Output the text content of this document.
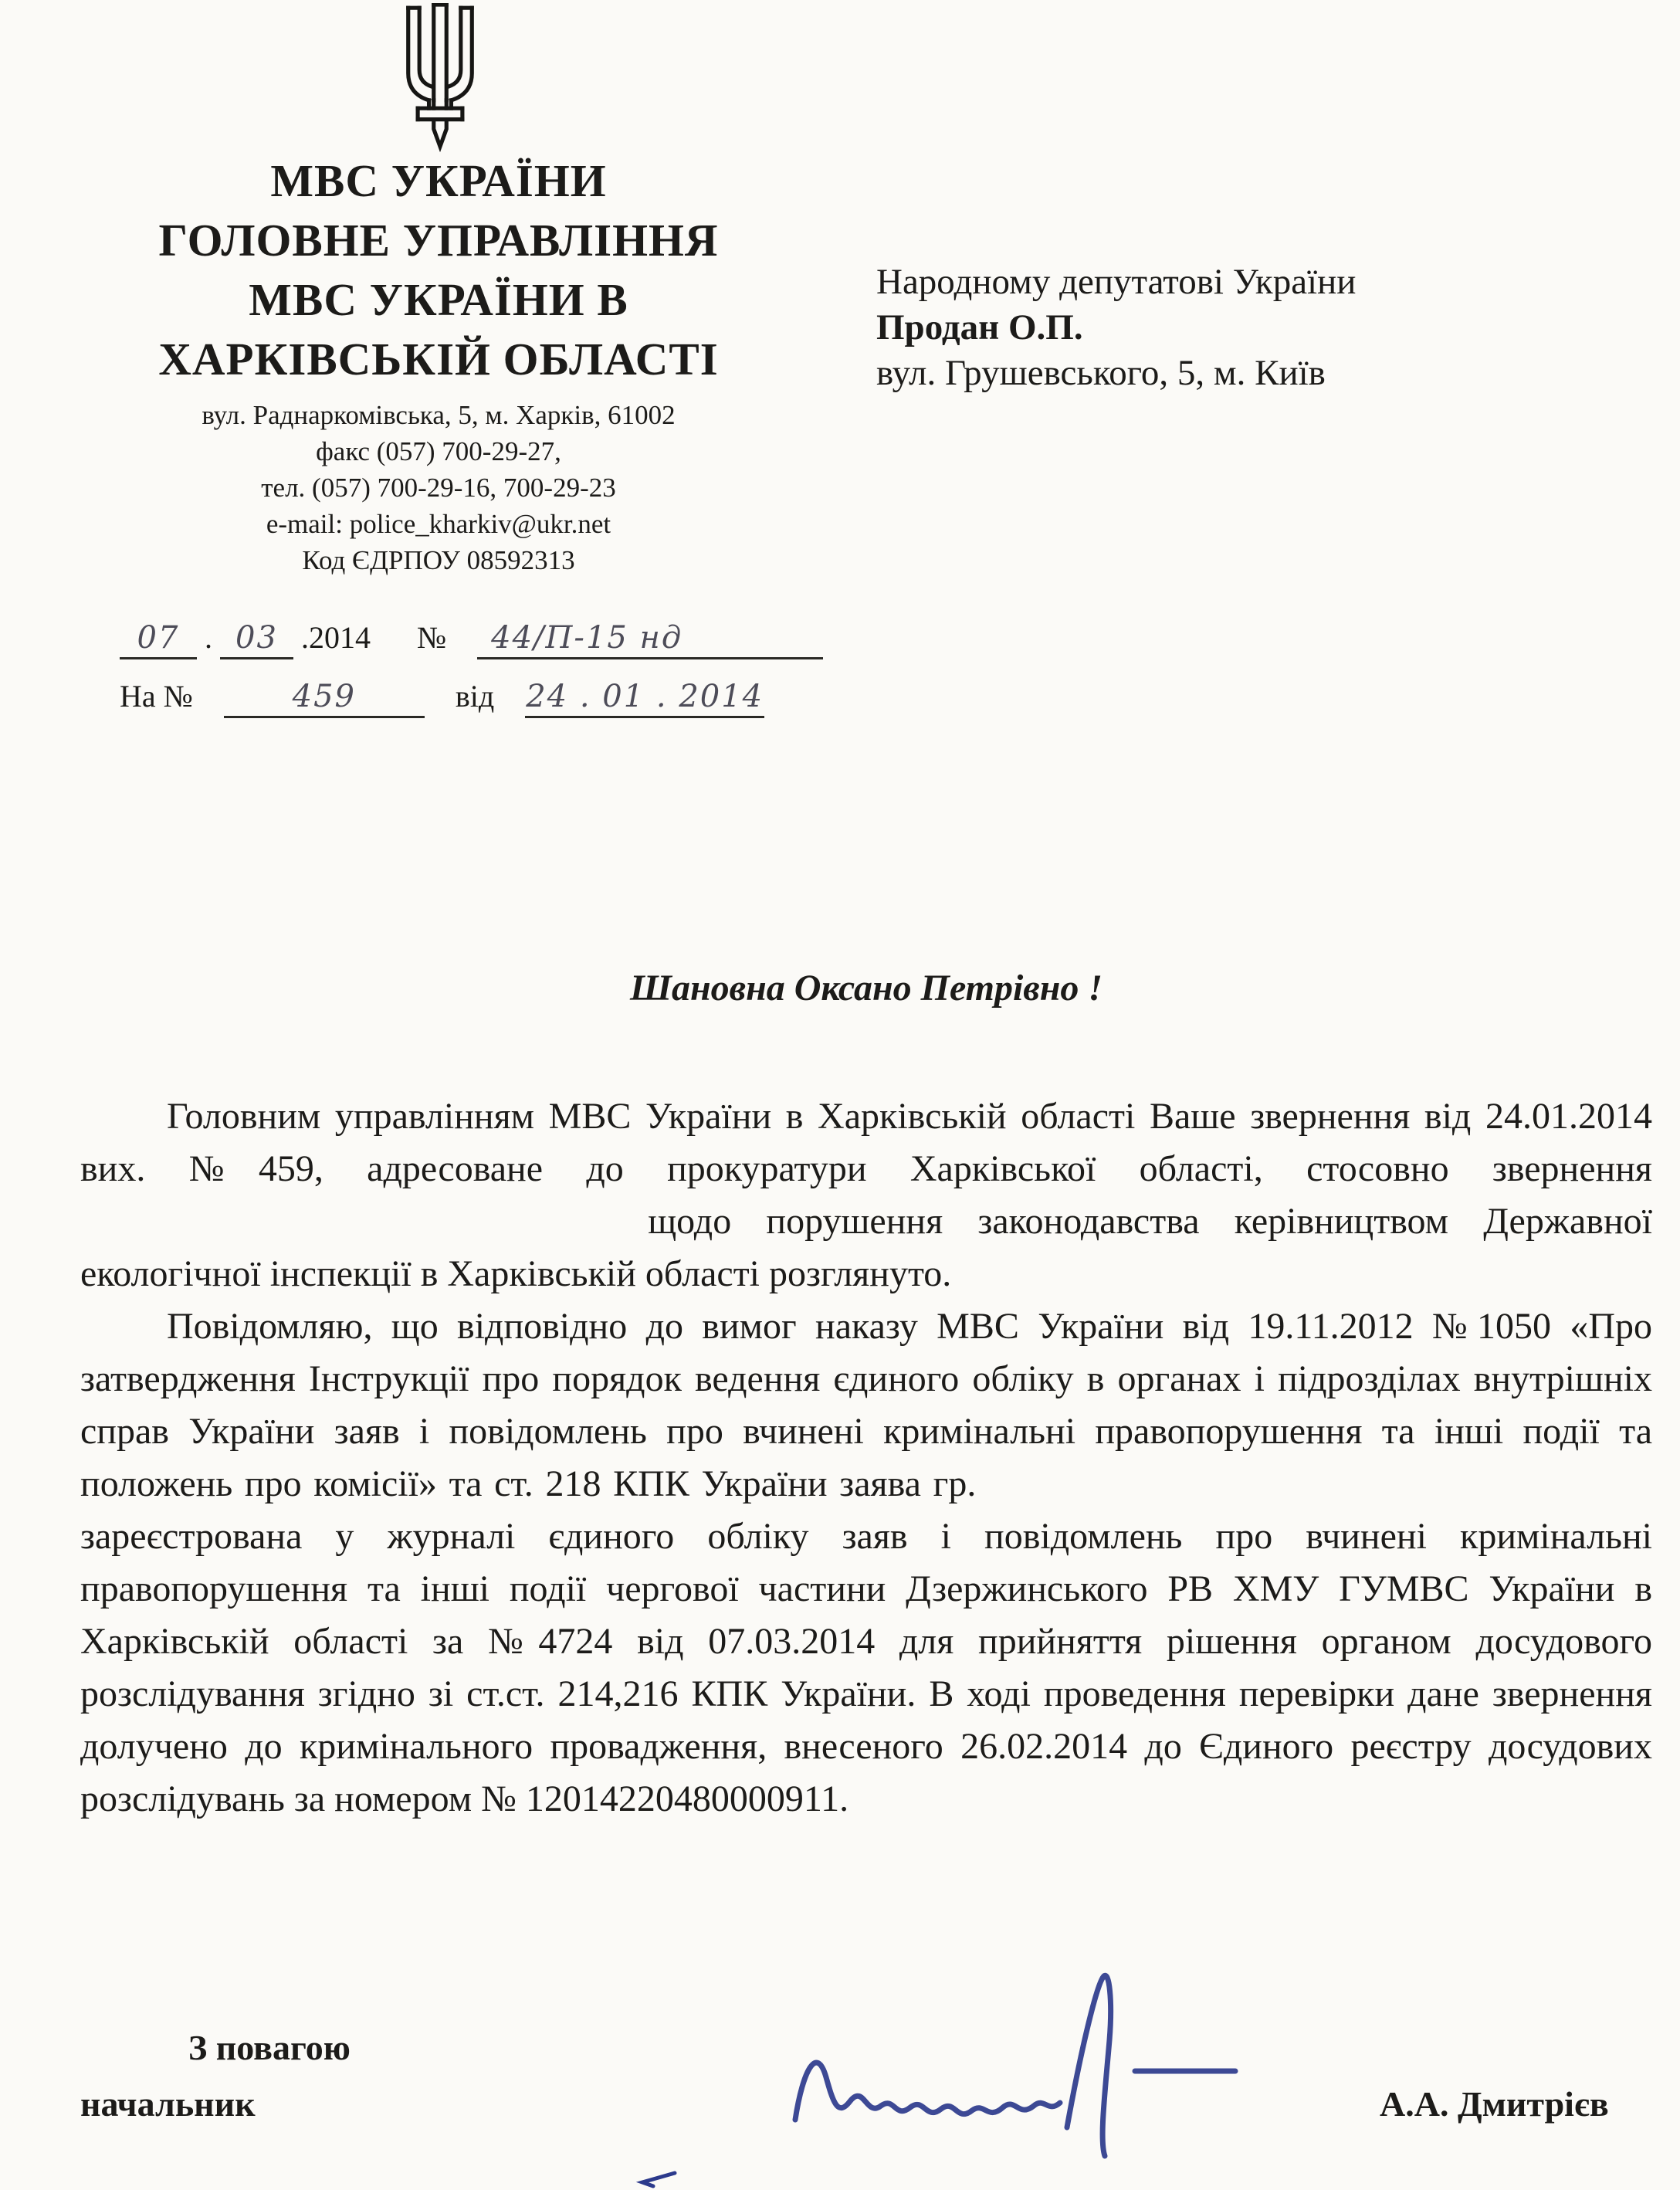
МВС УКРАЇНИ
ГОЛОВНЕ УПРАВЛІННЯ
МВС УКРАЇНИ В
ХАРКІВСЬКІЙ ОБЛАСТІ
вул. Раднаркомівська, 5, м. Харків, 61002
факс (057) 700-29-27,
тел. (057) 700-29-16, 700-29-23
e-mail: police_kharkiv@ukr.net
Код ЄДРПОУ 08592313
Народному депутатові України
Продан О.П.
вул. Грушевського, 5, м. Київ
07 . 03 .2014 № 44/П-15 нд
На №	459	від 24 . 01 . 2014
Шановна Оксано Петрівно !

Головним управлінням МВС України в Харківській області Ваше звернення від 24.01.2014 вих. №459, адресоване до прокуратури Харківської області, стосовно звернення  щодо порушення законодавства керівництвом Державної екологічної інспекції в Харківській області розглянуто.

Повідомляю, що відповідно до вимог наказу МВС України від 19.11.2012 №1050 «Про затвердження Інструкції про порядок ведення єдиного обліку в органах і підрозділах внутрішніх справ України заяв і повідомлень про вчинені кримінальні правопорушення та інші події та положень про комісії» та ст. 218 КПК України заява гр.  зареєстрована у журналі єдиного обліку заяв і повідомлень про вчинені кримінальні правопорушення та інші події чергової частини Дзержинського РВ ХМУ ГУМВС України в Харківській області за №4724 від 07.03.2014 для прийняття рішення органом досудового розслідування згідно зі ст.ст. 214,216 КПК України. В ході проведення перевірки дане звернення долучено до кримінального провадження, внесеного 26.02.2014 до Єдиного реєстру досудових розслідувань за номером № 12014220480000911.

З повагою
начальник	А.А. Дмитрієв
